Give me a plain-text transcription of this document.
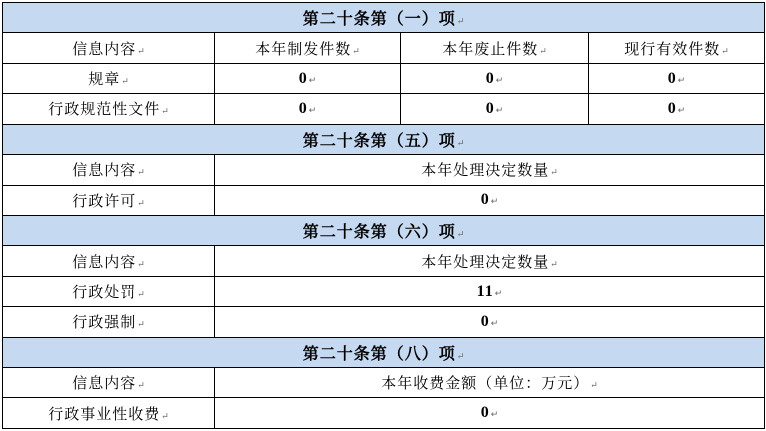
第二十条第（一）项↵			
信息内容↵	本年制发件数↵	本年废止件数↵	现行有效件数↵
规章↵	0↵	0↵	0↵
行政规范性文件↵	0↵	0↵	0↵
第二十条第（五）项↵			
信息内容↵	本年处理决定数量↵		
行政许可↵	0↵		
第二十条第（六）项↵			
信息内容↵	本年处理决定数量↵		
行政处罚↵	11↵		
行政强制↵	0↵		
第二十条第（八）项↵			
信息内容↵	本年收费金额（单位：万元）↵		
行政事业性收费↵	0↵		
